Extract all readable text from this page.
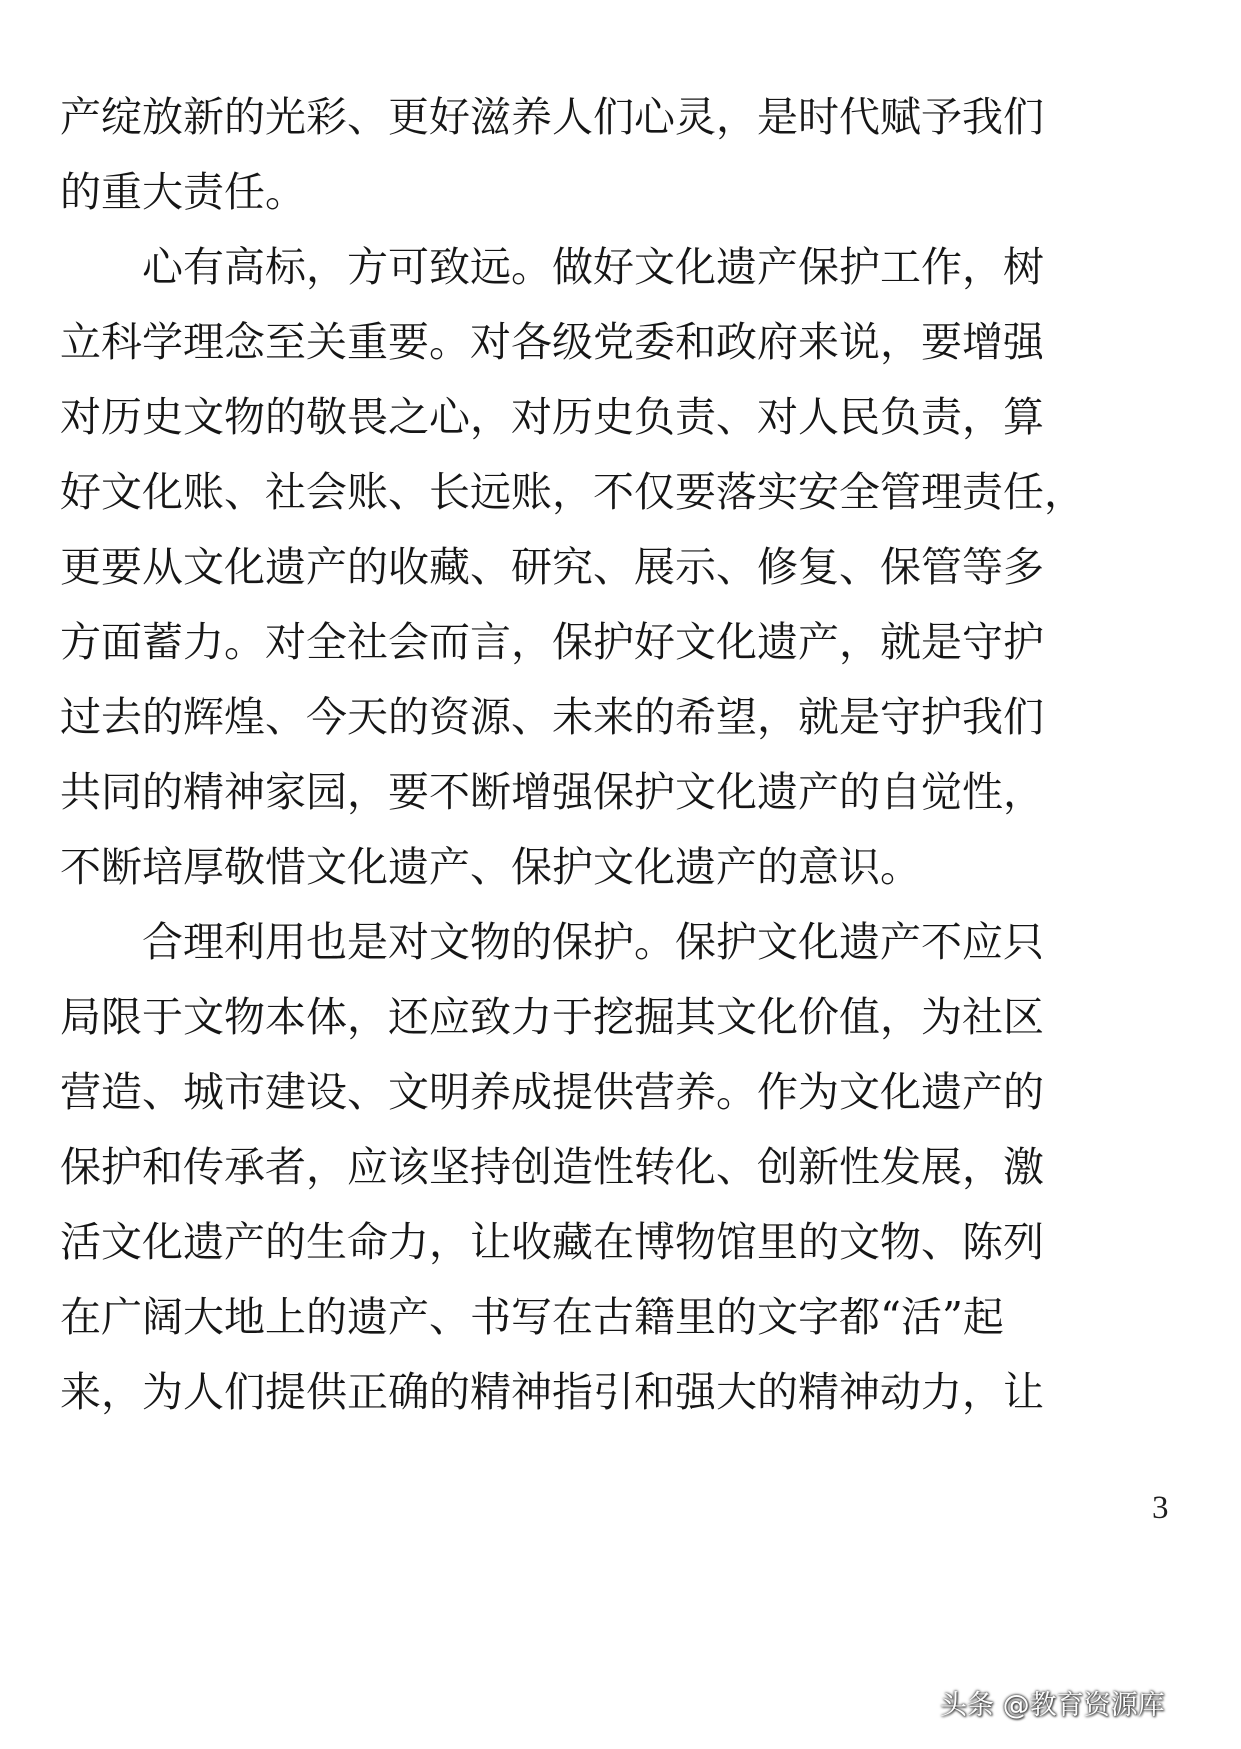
产绽放新的光彩、更好滋养人们心灵，是时代赋予我们
的重大责任。
　　心有高标，方可致远。做好文化遗产保护工作，树
立科学理念至关重要。对各级党委和政府来说，要增强
对历史文物的敬畏之心，对历史负责、对人民负责，算
好文化账、社会账、长远账，不仅要落实安全管理责任，
更要从文化遗产的收藏、研究、展示、修复、保管等多
方面蓄力。对全社会而言，保护好文化遗产，就是守护
过去的辉煌、今天的资源、未来的希望，就是守护我们
共同的精神家园，要不断增强保护文化遗产的自觉性，
不断培厚敬惜文化遗产、保护文化遗产的意识。
　　合理利用也是对文物的保护。保护文化遗产不应只
局限于文物本体，还应致力于挖掘其文化价值，为社区
营造、城市建设、文明养成提供营养。作为文化遗产的
保护和传承者，应该坚持创造性转化、创新性发展，激
活文化遗产的生命力，让收藏在博物馆里的文物、陈列
在广阔大地上的遗产、书写在古籍里的文字都“活”起
来，为人们提供正确的精神指引和强大的精神动力，让
3
头条 @教育资源库
